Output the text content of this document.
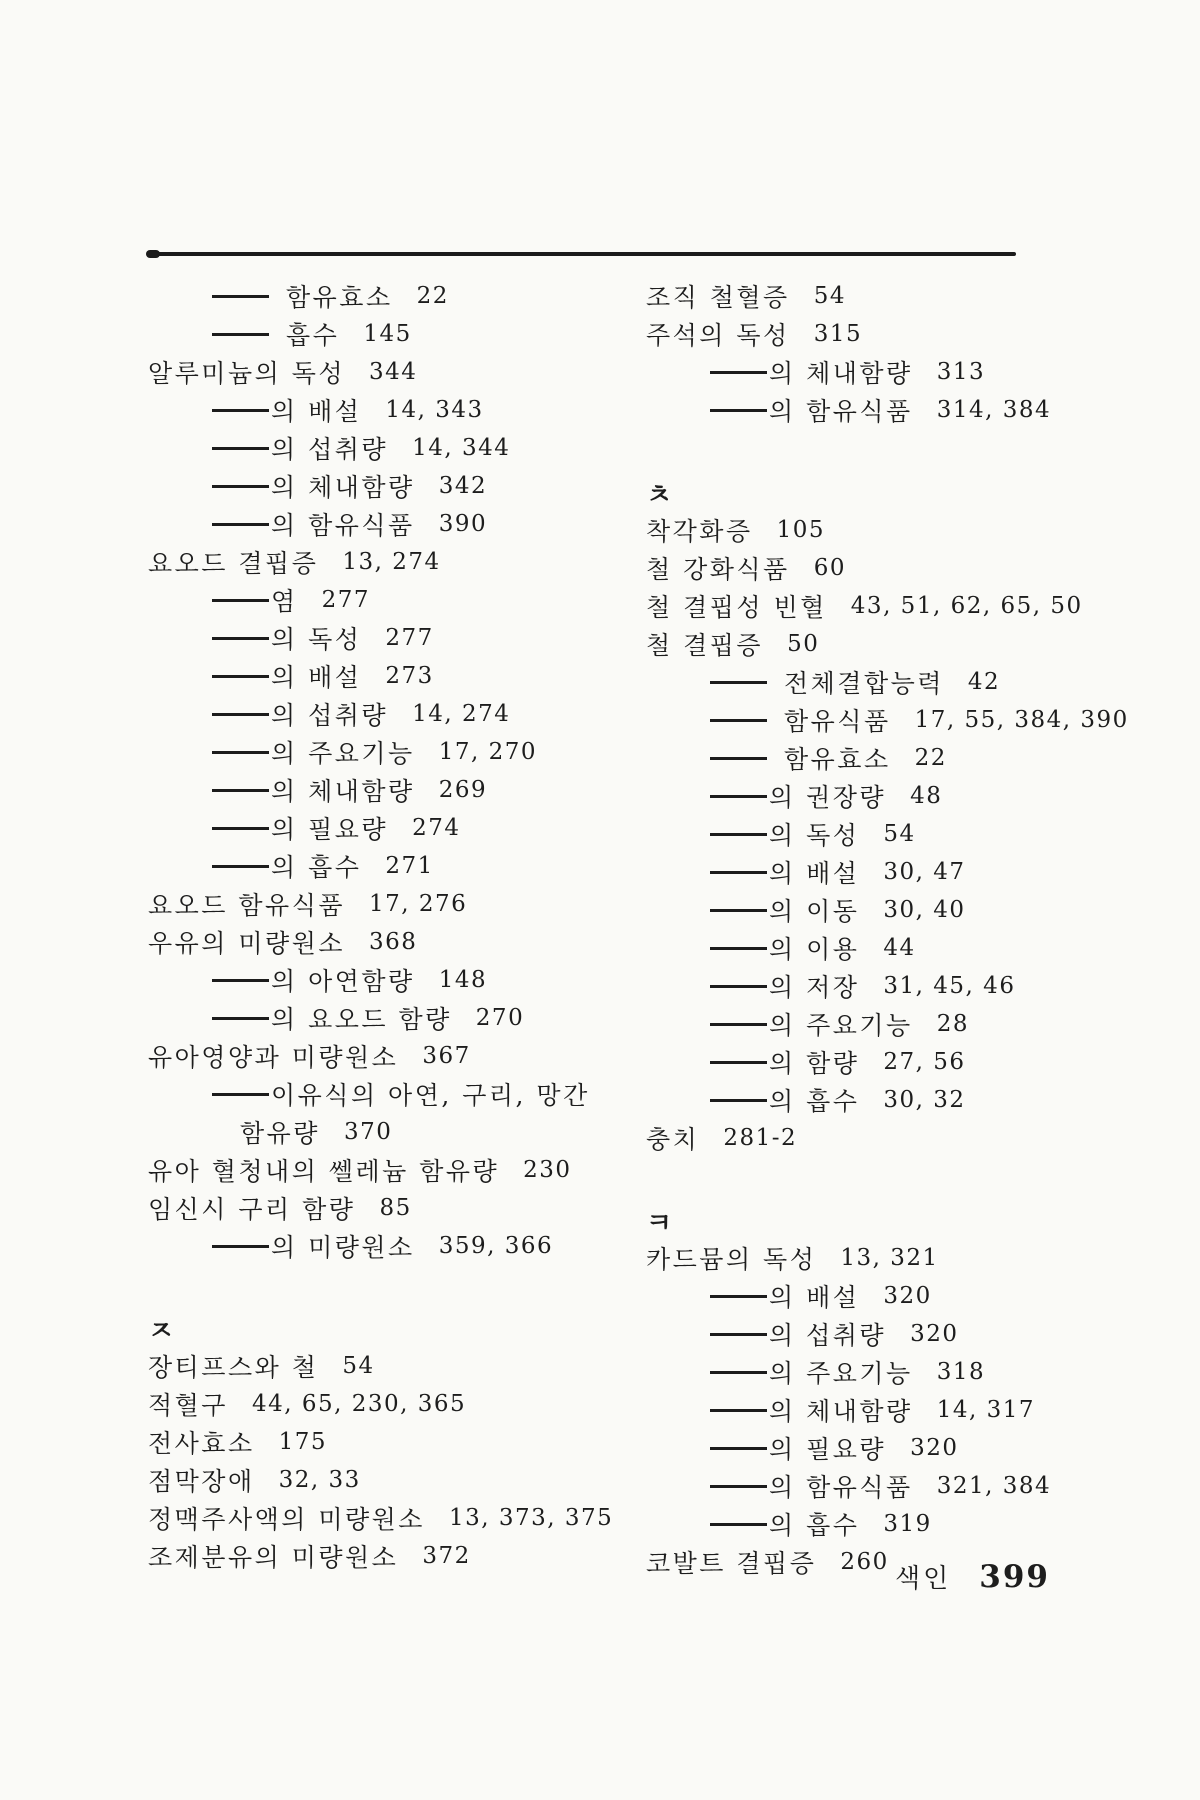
함유효소 22
흡수 145
알루미늄의 독성 344
의 배설 14, 343
의 섭취량 14, 344
의 체내함량 342
의 함유식품 390
요오드 결핍증 13, 274
염 277
의 독성 277
의 배설 273
의 섭취량 14, 274
의 주요기능 17, 270
의 체내함량 269
의 필요량 274
의 흡수 271
요오드 함유식품 17, 276
우유의 미량원소 368
의 아연함량 148
의 요오드 함량 270
유아영양과 미량원소 367
이유식의 아연, 구리, 망간
함유량 370
유아 혈청내의 쎌레늄 함유량 230
임신시 구리 함량 85
의 미량원소 359, 366
ㅈ
장티프스와 철 54
적혈구 44, 65, 230, 365
전사효소 175
점막장애 32, 33
정맥주사액의 미량원소 13, 373, 375
조제분유의 미량원소 372
조직 철혈증 54
주석의 독성 315
의 체내함량 313
의 함유식품 314, 384
ㅊ
착각화증 105
철 강화식품 60
철 결핍성 빈혈 43, 51, 62, 65, 50
철 결핍증 50
전체결합능력 42
함유식품 17, 55, 384, 390
함유효소 22
의 권장량 48
의 독성 54
의 배설 30, 47
의 이동 30, 40
의 이용 44
의 저장 31, 45, 46
의 주요기능 28
의 함량 27, 56
의 흡수 30, 32
충치 281-2
ㅋ
카드뮴의 독성 13, 321
의 배설 320
의 섭취량 320
의 주요기능 318
의 체내함량 14, 317
의 필요량 320
의 함유식품 321, 384
의 흡수 319
코발트 결핍증 260
색인 399
